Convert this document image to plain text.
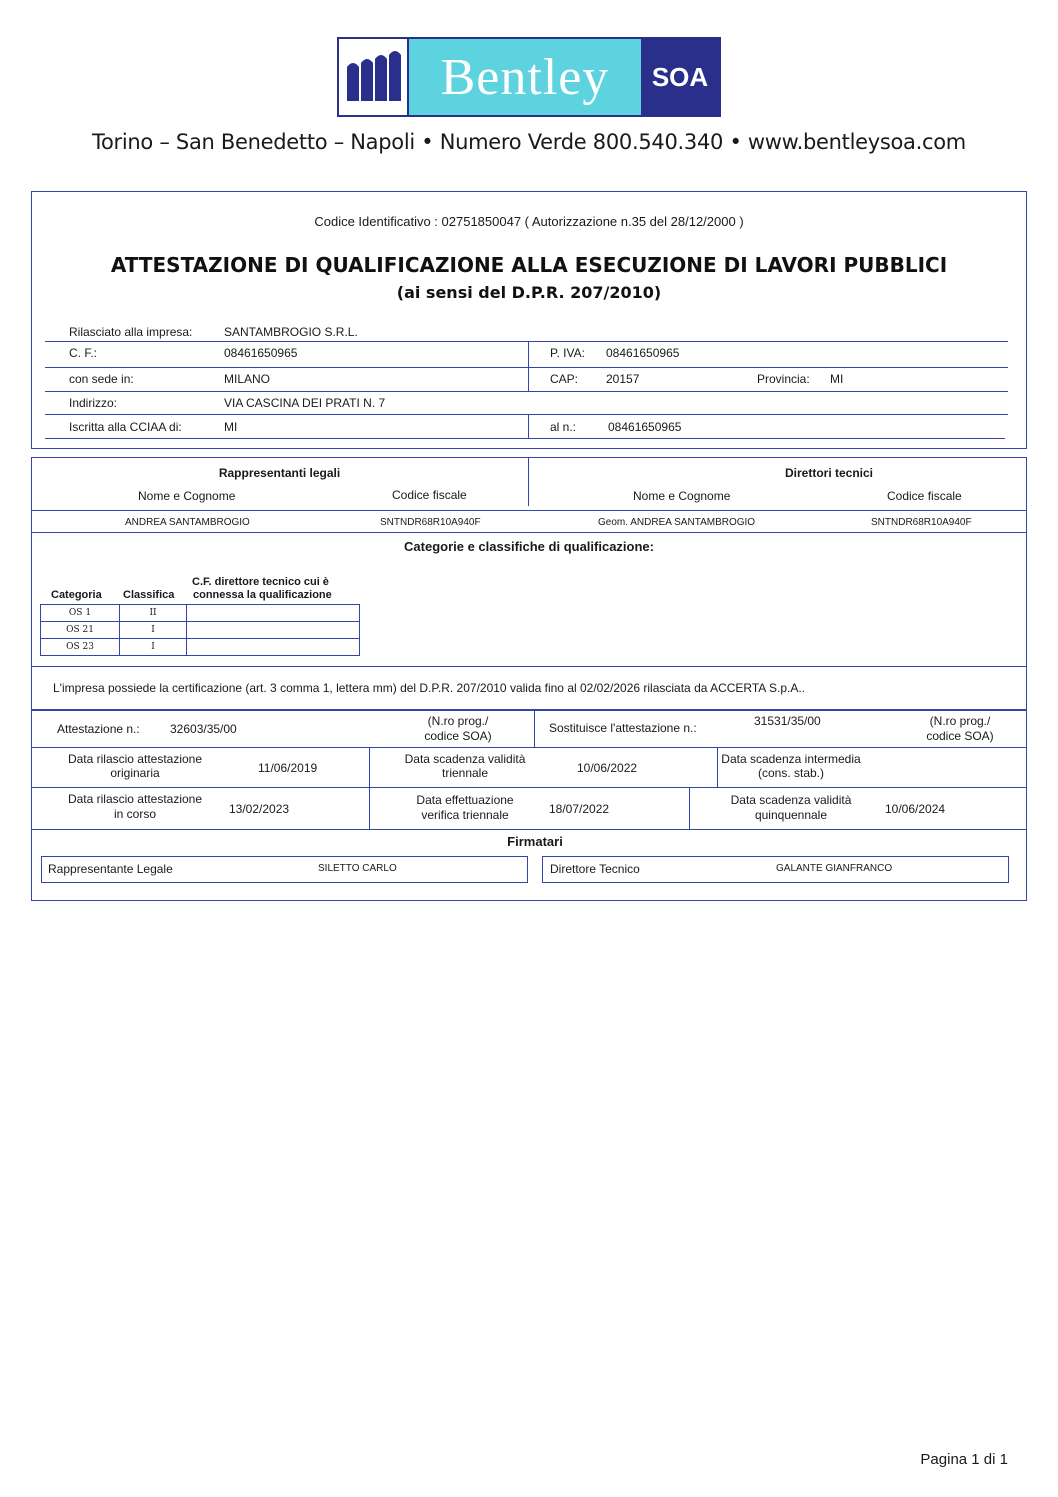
Bentley	SOA
Torino – San Benedetto – Napoli • Numero Verde 800.540.340 • www.bentleysoa.com
Codice Identificativo : 02751850047 ( Autorizzazione n.35 del 28/12/2000 )
ATTESTAZIONE DI QUALIFICAZIONE ALLA ESECUZIONE DI LAVORI PUBBLICI
(ai sensi del D.P.R. 207/2010)
Rilasciato alla impresa:	SANTAMBROGIO S.R.L.
C. F.:	08461650965	P. IVA: 08461650965
con sede in:	MILANO	CAP: 20157	Provincia: MI
Indirizzo:	VIA CASCINA DEI PRATI N. 7
Iscritta alla CCIAA di:	MI	al n.:	08461650965
Rappresentanti legali	Direttori tecnici
Nome e Cognome	Codice fiscale	Nome e Cognome	Codice fiscale
ANDREA SANTAMBROGIO	SNTNDR68R10A940F	Geom. ANDREA SANTAMBROGIO	SNTNDR68R10A940F
Categorie e classifiche di qualificazione:
Categoria Classifica
C.F. direttore tecnico cui è
connessa la qualificazione
OS 1	II	
OS 21	I	
OS 23	I	
L'impresa possiede la certificazione (art. 3 comma 1, lettera mm) del D.P.R. 207/2010 valida fino al 02/02/2026 rilasciata da ACCERTA S.p.A..
Attestazione n.:	32603/35/00
(N.ro prog./
codice SOA)
Sostituisce l'attestazione n.:	31531/35/00	(N.ro prog./
codice SOA)
Data rilascio attestazione
originaria	11/06/2019
Data scadenza validità
triennale	10/06/2022
Data scadenza intermedia
(cons. stab.)
Data rilascio attestazione
in corso	13/02/2023
Data effettuazione
verifica triennale	18/07/2022
Data scadenza validità
quinquennale	10/06/2024
Firmatari
Rappresentante Legale	SILETTO CARLO	Direttore Tecnico	GALANTE GIANFRANCO
Pagina 1 di 1
